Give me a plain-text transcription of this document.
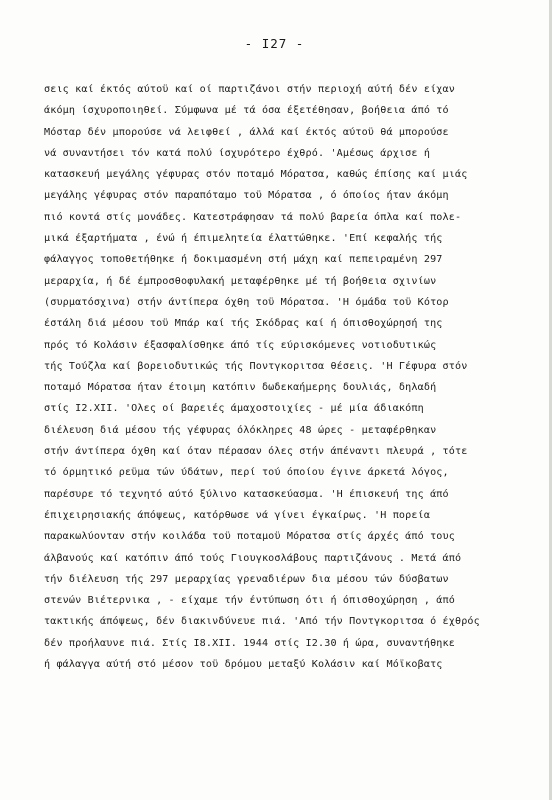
- I27 -
σεις καί έκτός αύτοϋ καί οί παρτιζάνοι στήν περιοχή αύτή δέν είχαν
άκόμη ίσχυροποιηθεί. Σύμφωνα μέ τά όσα έξετέθησαν, βοήθεια άπό τό
Μόσταρ δέν μπορούσε νά λειφθεί , άλλά καί έκτός αύτοϋ θά μπορούσε
νά συναντήσει τόν κατά πολύ ίσχυρότερο έχθρό. 'Αμέσως άρχισε ή
κατασκευή μεγάλης γέφυρας στόν ποταμό Μόρατσα, καθώς έπίσης καί μιάς
μεγάλης γέφυρας στόν παραπόταμο τοϋ Μόρατσα , ό όποίος ήταν άκόμη
πιό κοντά στίς μονάδες. Κατεστράφησαν τά πολύ βαρεία όπλα καί πολε-
μικά έξαρτήματα , ένώ ή έπιμελητεία έλαττώθηκε. 'Επί κεφαλής τής
φάλαγγος τοποθετήθηκε ή δοκιμασμένη στή μάχη καί πεπειραμένη 297
μεραρχία, ή δέ έμπροσθοφυλακή μεταφέρθηκε μέ τή βοήθεια σχινίων
(συρματόσχινα) στήν άντίπερα όχθη τοϋ Μόρατσα. 'Η όμάδα τοϋ Κότορ
έστάλη διά μέσου τοϋ Μπάρ καί τής Σκόδρας καί ή όπισθοχώρησή της
πρός τό Κολάσιν έξασφαλίσθηκε άπό τίς εύρισκόμενες νοτιοδυτικώς
τής Τούζλα καί βορειοδυτικώς τής Ποντγκοριτσα θέσεις. 'Η Γέφυρα στόν
ποταμό Μόρατσα ήταν έτοιμη κατόπιν δωδεκαήμερης δουλιάς, δηλαδή
στίς I2.XII. 'Ολες οί βαρειές άμαχοστοιχίες - μέ μία άδιακόπη
διέλευση διά μέσου τής γέφυρας όλόκληρες 48 ώρες - μεταφέρθηκαν
στήν άντίπερα όχθη καί όταν πέρασαν όλες στήν άπέναντι πλευρά , τότε
τό όρμητικό ρεϋμα τών ύδάτων, περί τού όποίου έγινε άρκετά λόγος,
παρέσυρε τό τεχνητό αύτό ξύλινο κατασκεύασμα. 'Η έπισκευή της άπό
έπιχειρησιακής άπόψεως, κατόρθωσε νά γίνει έγκαίρως. 'Η πορεία
παρακωλύονταν στήν κοιλάδα τοϋ ποταμοϋ Μόρατσα στίς άρχές άπό τους
άλβανούς καί κατόπιν άπό τούς Γιουγκοσλάβους παρτιζάνους . Μετά άπό
τήν διέλευση τής 297 μεραρχίας γρεναδιέρων δια μέσου τών δύσβατων
στενών Βιέτερνικα , - είχαμε τήν έντύπωση ότι ή όπισθοχώρηση , άπό
τακτικής άπόψεως, δέν διακινδύνευε πιά. 'Από τήν Ποντγκοριτσα ό έχθρός
δέν προήλαυνε πιά. Στίς I8.XII. 1944 στίς I2.30 ή ώρα, συναντήθηκε
ή φάλαγγα αύτή στό μέσον τοϋ δρόμου μεταξύ Κολάσιν καί Μόϊκοβατς
